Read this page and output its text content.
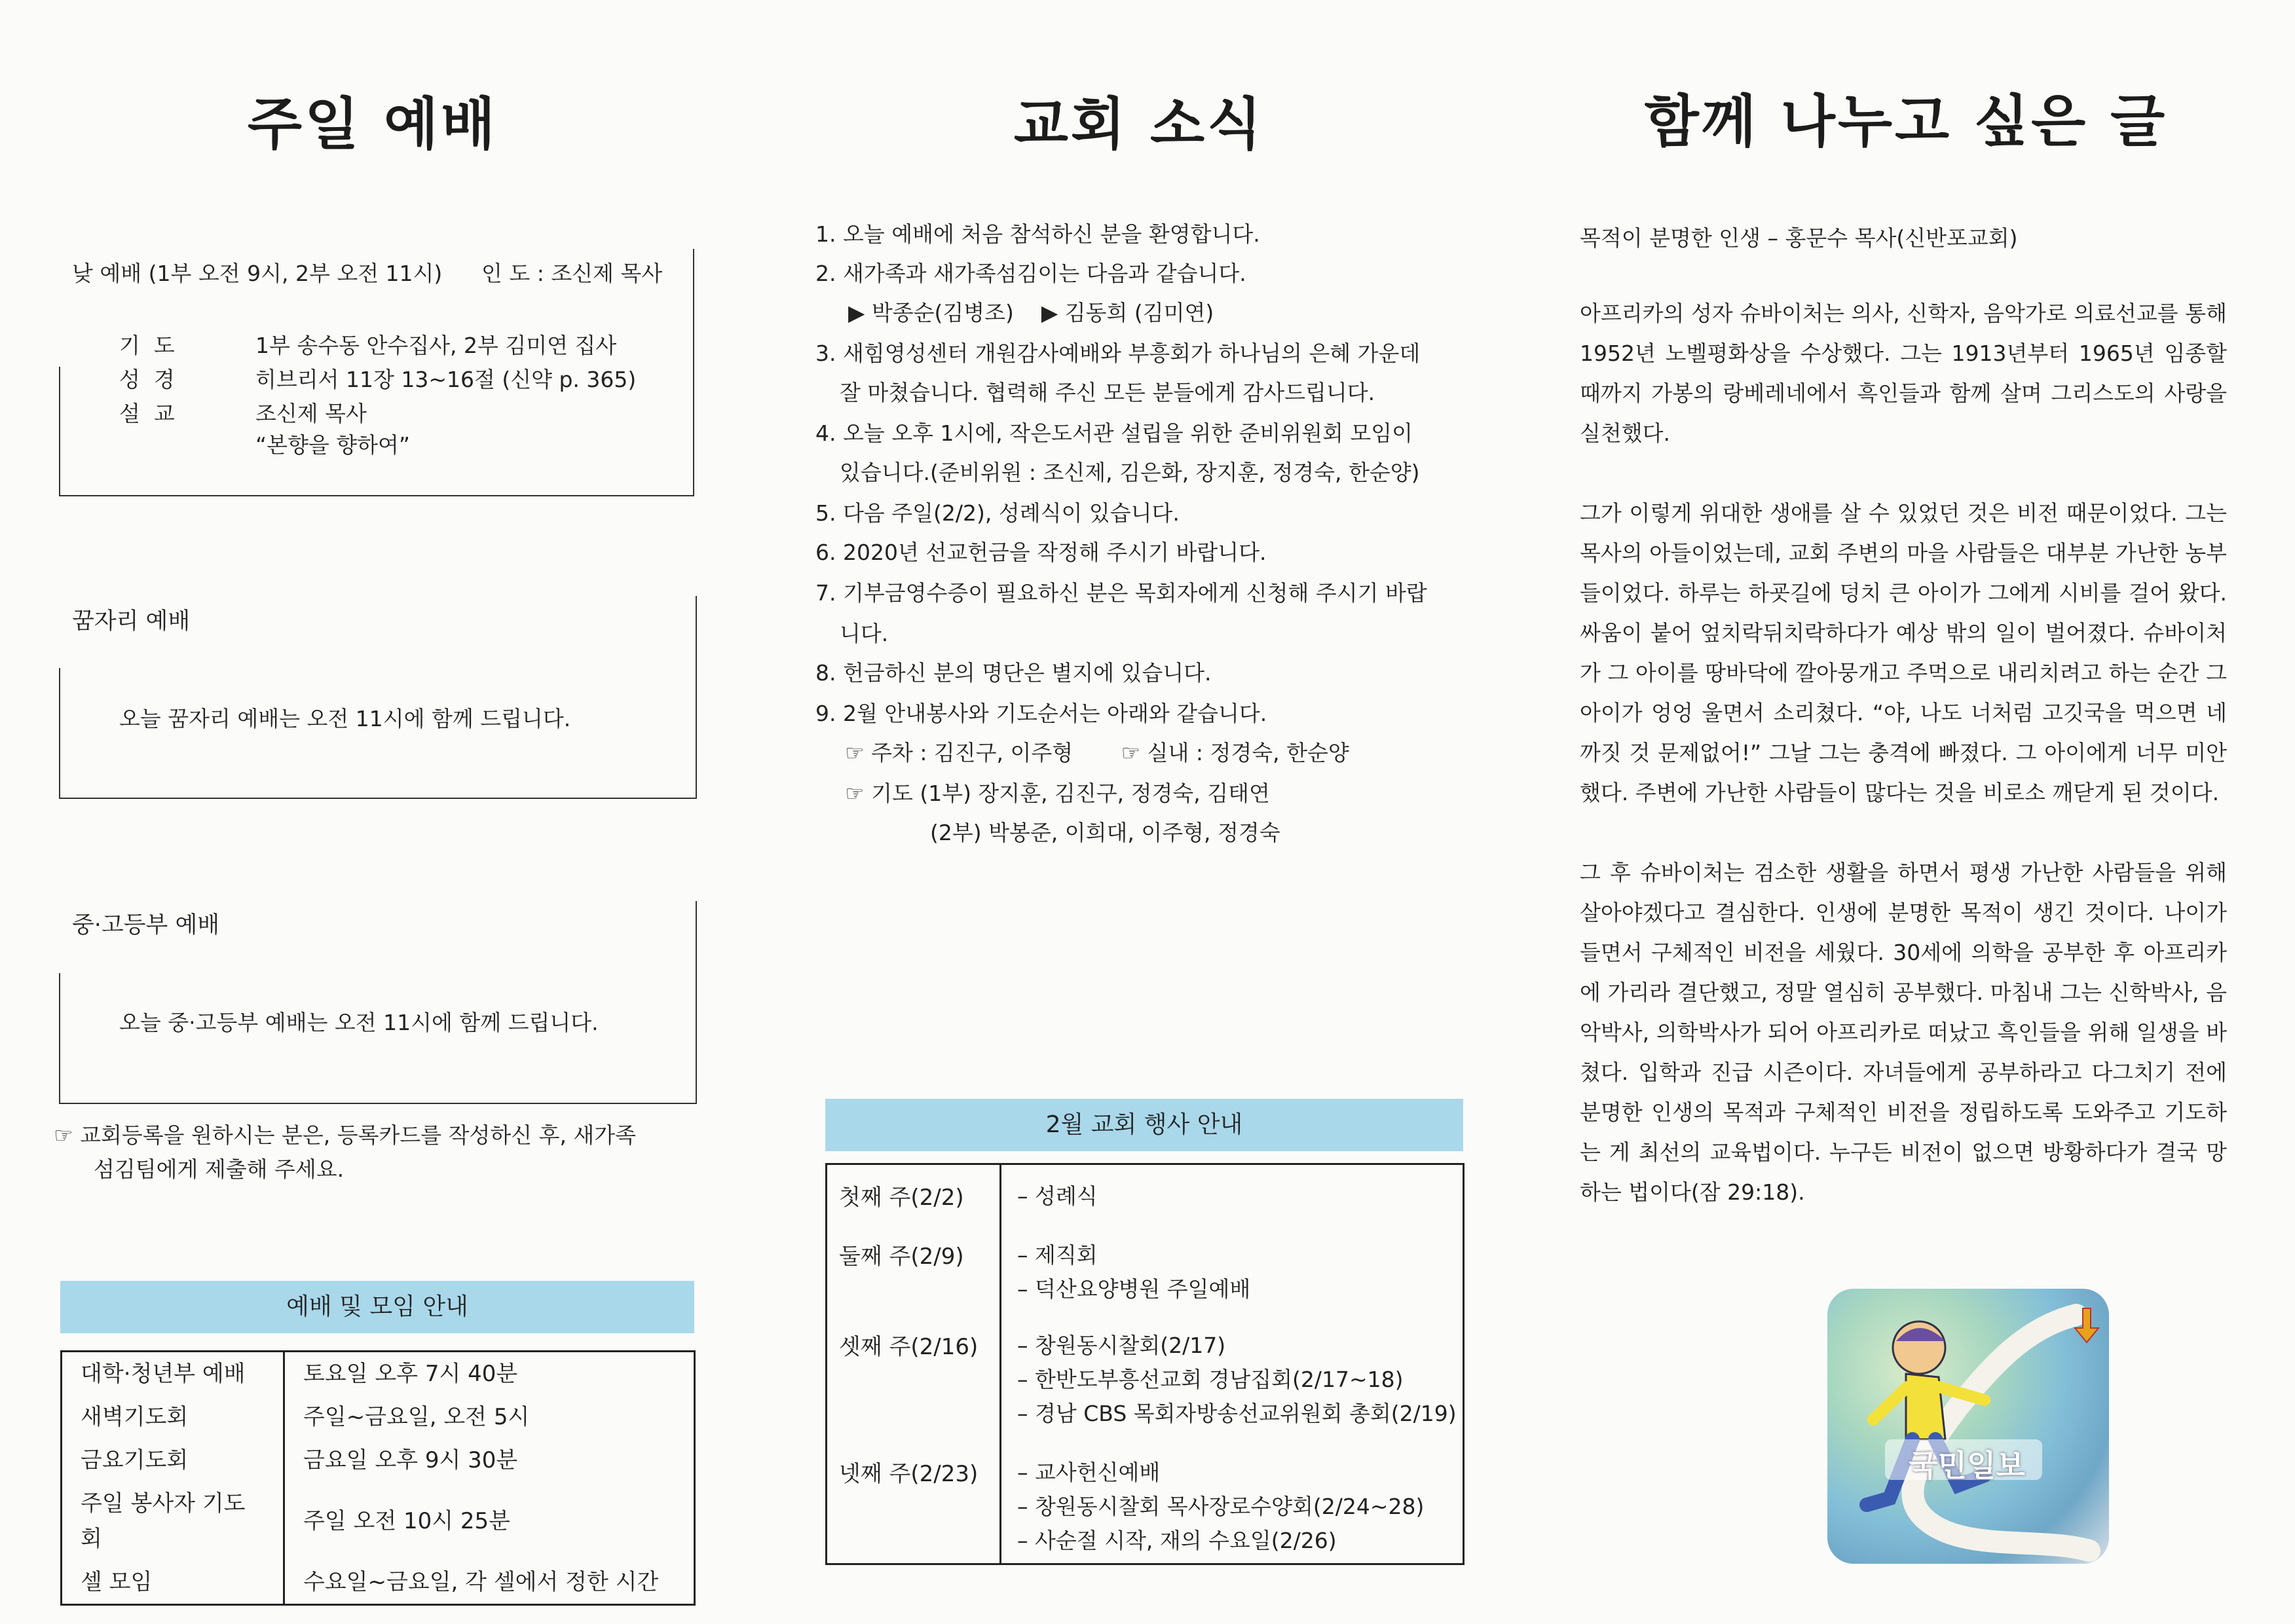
주일 예배
낮 예배 (1부 오전 9시, 2부 오전 11시) 인 도 : 조신제 목사
기  도	1부 송수동 안수집사, 2부 김미연 집사
성  경	히브리서 11장 13~16절 (신약 p. 365)
설  교	조신제 목사
“본향을 향하여”
꿈자리 예배
오늘 꿈자리 예배는 오전 11시에 함께 드립니다.
중·고등부 예배
오늘 중·고등부 예배는 오전 11시에 함께 드립니다.
☞ 교회등록을 원하시는 분은, 등록카드를 작성하신 후, 새가족
섬김팀에게 제출해 주세요.
예배 및 모임 안내
대학·청년부 예배	토요일 오후 7시 40분
새벽기도회	주일~금요일, 오전 5시
금요기도회	금요일 오후 9시 30분
주일 봉사자 기도회	주일 오전 10시 25분
셀 모임	수요일~금요일, 각 셀에서 정한 시간
교회 소식
1. 오늘 예배에 처음 참석하신 분을 환영합니다.
2. 새가족과 새가족섬김이는 다음과 같습니다.
▶ 박종순(김병조)    ▶ 김동희 (김미연)
3. 새힘영성센터 개원감사예배와 부흥회가 하나님의 은혜 가운데
잘 마쳤습니다. 협력해 주신 모든 분들에게 감사드립니다.
4. 오늘 오후 1시에, 작은도서관 설립을 위한 준비위원회 모임이
있습니다.(준비위원 : 조신제, 김은화, 장지훈, 정경숙, 한순양)
5. 다음 주일(2/2), 성례식이 있습니다.
6. 2020년 선교헌금을 작정해 주시기 바랍니다.
7. 기부금영수증이 필요하신 분은 목회자에게 신청해 주시기 바랍
니다.
8. 헌금하신 분의 명단은 별지에 있습니다.
9. 2월 안내봉사와 기도순서는 아래와 같습니다.
☞ 주차 : 김진구, 이주형       ☞ 실내 : 정경숙, 한순양
☞ 기도 (1부) 장지훈, 김진구, 정경숙, 김태연
(2부) 박봉준, 이희대, 이주형, 정경숙
2월 교회 행사 안내
첫째 주(2/2) – 성례식
둘째 주(2/9) – 제직회
– 덕산요양병원 주일예배
셋째 주(2/16) – 창원동시찰회(2/17)
– 한반도부흥선교회 경남집회(2/17~18)
– 경남 CBS 목회자방송선교위원회 총회(2/19)
넷째 주(2/23) – 교사헌신예배
– 창원동시찰회 목사장로수양회(2/24~28)
– 사순절 시작, 재의 수요일(2/26)
함께 나누고 싶은 글
목적이 분명한 인생 – 홍문수 목사(신반포교회)

아프리카의 성자 슈바이처는 의사, 신학자, 음악가로 의료선교를 통해 1952년 노벨평화상을 수상했다. 그는 1913년부터 1965년 임종할 때까지 가봉의 랑베레네에서 흑인들과 함께 살며 그리스도의 사랑을 실천했다.

그가 이렇게 위대한 생애를 살 수 있었던 것은 비전 때문이었다. 그는 목사의 아들이었는데, 교회 주변의 마을 사람들은 대부분 가난한 농부들이었다. 하루는 하굣길에 덩치 큰 아이가 그에게 시비를 걸어 왔다. 싸움이 붙어 엎치락뒤치락하다가 예상 밖의 일이 벌어졌다. 슈바이처가 그 아이를 땅바닥에 깔아뭉개고 주먹으로 내리치려고 하는 순간 그 아이가 엉엉 울면서 소리쳤다. “야, 나도 너처럼 고깃국을 먹으면 네까짓 것 문제없어!” 그날 그는 충격에 빠졌다. 그 아이에게 너무 미안했다. 주변에 가난한 사람들이 많다는 것을 비로소 깨닫게 된 것이다.

그 후 슈바이처는 검소한 생활을 하면서 평생 가난한 사람들을 위해 살아야겠다고 결심한다. 인생에 분명한 목적이 생긴 것이다. 나이가 들면서 구체적인 비전을 세웠다. 30세에 의학을 공부한 후 아프리카에 가리라 결단했고, 정말 열심히 공부했다. 마침내 그는 신학박사, 음악박사, 의학박사가 되어 아프리카로 떠났고 흑인들을 위해 일생을 바쳤다. 입학과 진급 시즌이다. 자녀들에게 공부하라고 다그치기 전에 분명한 인생의 목적과 구체적인 비전을 정립하도록 도와주고 기도하는 게 최선의 교육법이다. 누구든 비전이 없으면 방황하다가 결국 망하는 법이다(잠 29:18).

국민일보
